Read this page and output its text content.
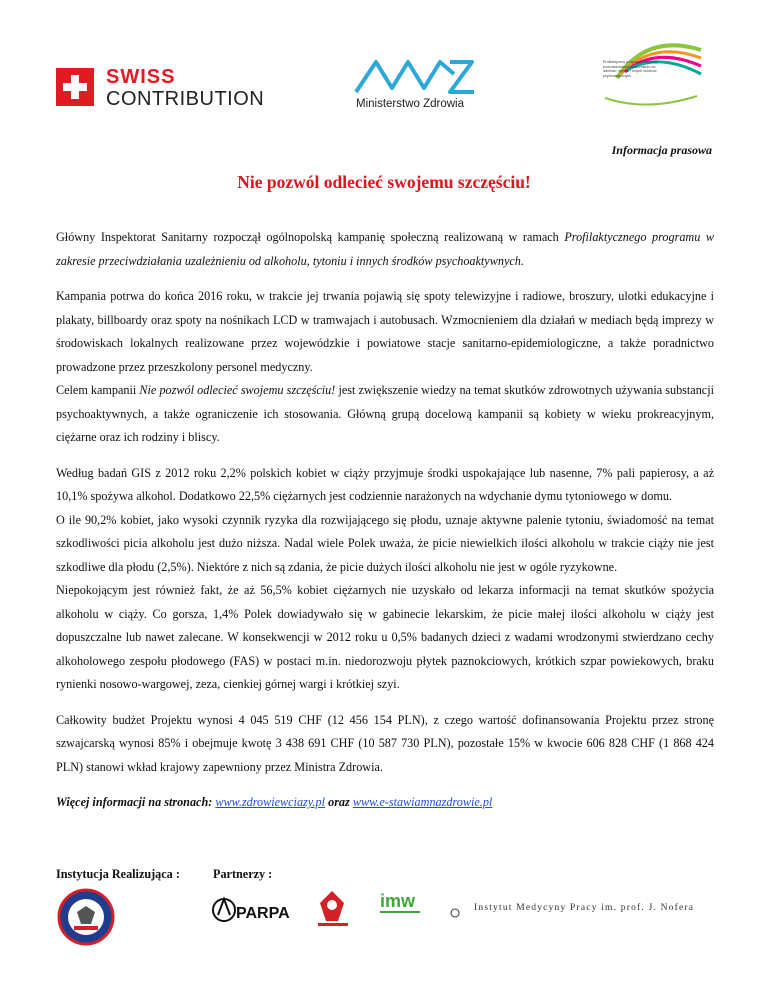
SWISS
CONTRIBUTION	Ministerstwo Zdrowia
Profilaktyczny program w zakresie przeciwdziałania uzależnieniu od alkoholu, tytoniu i innych środków psychoaktywnych
Informacja prasowa
Nie pozwól odlecieć swojemu szczęściu!

Główny Inspektorat Sanitarny rozpoczął ogólnopolską kampanię społeczną realizowaną w ramach Profilaktycznego programu w zakresie przeciwdziałania uzależnieniu od alkoholu, tytoniu i innych środków psychoaktywnych.

Kampania potrwa do końca 2016 roku, w trakcie jej trwania pojawią się spoty telewizyjne i radiowe, broszury, ulotki edukacyjne i plakaty, billboardy oraz spoty na nośnikach LCD w tramwajach i autobusach. Wzmocnieniem dla działań w mediach będą imprezy w środowiskach lokalnych realizowane przez wojewódzkie i powiatowe stacje sanitarno-epidemiologiczne, a także poradnictwo prowadzone przez przeszkolony personel medyczny.

Celem kampanii Nie pozwól odlecieć swojemu szczęściu! jest zwiększenie wiedzy na temat skutków zdrowotnych używania substancji psychoaktywnych, a także ograniczenie ich stosowania. Główną grupą docelową kampanii są kobiety w wieku prokreacyjnym, ciężarne oraz ich rodziny i bliscy.

Według badań GIS z 2012 roku 2,2% polskich kobiet w ciąży przyjmuje środki uspokajające lub nasenne, 7% pali papierosy, a aż 10,1% spożywa alkohol. Dodatkowo 22,5% ciężarnych jest codziennie narażonych na wdychanie dymu tytoniowego w domu.

O ile 90,2% kobiet, jako wysoki czynnik ryzyka dla rozwijającego się płodu, uznaje aktywne palenie tytoniu, świadomość na temat szkodliwości picia alkoholu jest dużo niższa. Nadal wiele Polek uważa, że picie niewielkich ilości alkoholu w trakcie ciąży nie jest szkodliwe dla płodu (2,5%). Niektóre z nich są zdania, że picie dużych ilości alkoholu nie jest w ogóle ryzykowne.

Niepokojącym jest również fakt, że aż 56,5% kobiet ciężarnych nie uzyskało od lekarza informacji na temat skutków spożycia alkoholu w ciąży. Co gorsza, 1,4% Polek dowiadywało się w gabinecie lekarskim, że picie małej ilości alkoholu w ciąży jest dopuszczalne lub nawet zalecane. W konsekwencji w 2012 roku u 0,5% badanych dzieci z wadami wrodzonymi stwierdzano cechy alkoholowego zespołu płodowego (FAS) w postaci m.in. niedorozwoju płytek paznokciowych, krótkich szpar powiekowych, braku rynienki nosowo-wargowej, zeza, cienkiej górnej wargi i krótkiej szyi.

Całkowity budżet Projektu wynosi 4 045 519 CHF (12 456 154 PLN), z czego wartość dofinansowania Projektu przez stronę szwajcarską wynosi 85% i obejmuje kwotę 3 438 691 CHF (10 587 730 PLN), pozostałe 15% w kwocie 606 828 CHF (1 868 424 PLN) stanowi wkład krajowy zapewniony przez Ministra Zdrowia.

Więcej informacji na stronach: www.zdrowiewciazy.pl oraz www.e-stawiamnazdrowie.pl

Instytucja Realizująca :	Partnerzy :
PARPA
imw	Instytut Medycyny Pracy im. prof. J. Nofera
